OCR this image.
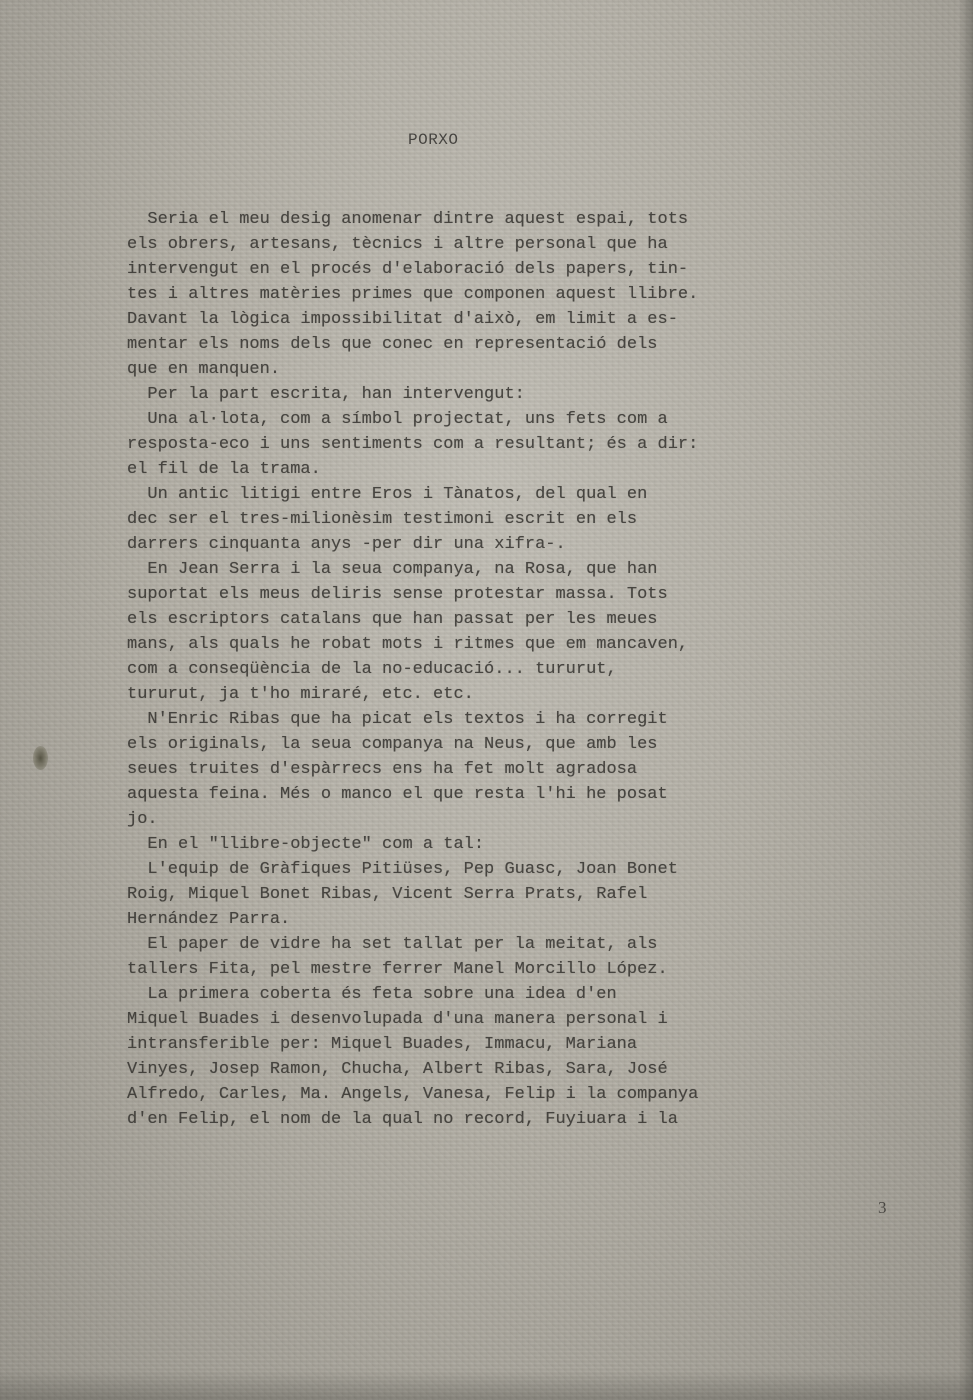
PORXO
Seria el meu desig anomenar dintre aquest espai, tots
els obrers, artesans, tècnics i altre personal que ha
intervengut en el procés d'elaboració dels papers, tin-
tes i altres matèries primes que componen aquest llibre.
Davant la lògica impossibilitat d'això, em limit a es-
mentar els noms dels que conec en representació dels
que en manquen.
Per la part escrita, han intervengut:
Una al·lota, com a símbol projectat, uns fets com a
resposta-eco i uns sentiments com a resultant; és a dir:
el fil de la trama.
Un antic litigi entre Eros i Tànatos, del qual en
dec ser el tres-milionèsim testimoni escrit en els
darrers cinquanta anys -per dir una xifra-.
En Jean Serra i la seua companya, na Rosa, que han
suportat els meus deliris sense protestar massa. Tots
els escriptors catalans que han passat per les meues
mans, als quals he robat mots i ritmes que em mancaven,
com a conseqüència de la no-educació... tururut,
tururut, ja t'ho miraré, etc. etc.
N'Enric Ribas que ha picat els textos i ha corregit
els originals, la seua companya na Neus, que amb les
seues truites d'espàrrecs ens ha fet molt agradosa
aquesta feina. Més o manco el que resta l'hi he posat
jo.
En el "llibre-objecte" com a tal:
L'equip de Gràfiques Pitiüses, Pep Guasc, Joan Bonet
Roig, Miquel Bonet Ribas, Vicent Serra Prats, Rafel
Hernández Parra.
El paper de vidre ha set tallat per la meitat, als
tallers Fita, pel mestre ferrer Manel Morcillo López.
La primera coberta és feta sobre una idea d'en
Miquel Buades i desenvolupada d'una manera personal i
intransferible per: Miquel Buades, Immacu, Mariana
Vinyes, Josep Ramon, Chucha, Albert Ribas, Sara, José
Alfredo, Carles, Ma. Angels, Vanesa, Felip i la companya
d'en Felip, el nom de la qual no record, Fuyiuara i la
3
